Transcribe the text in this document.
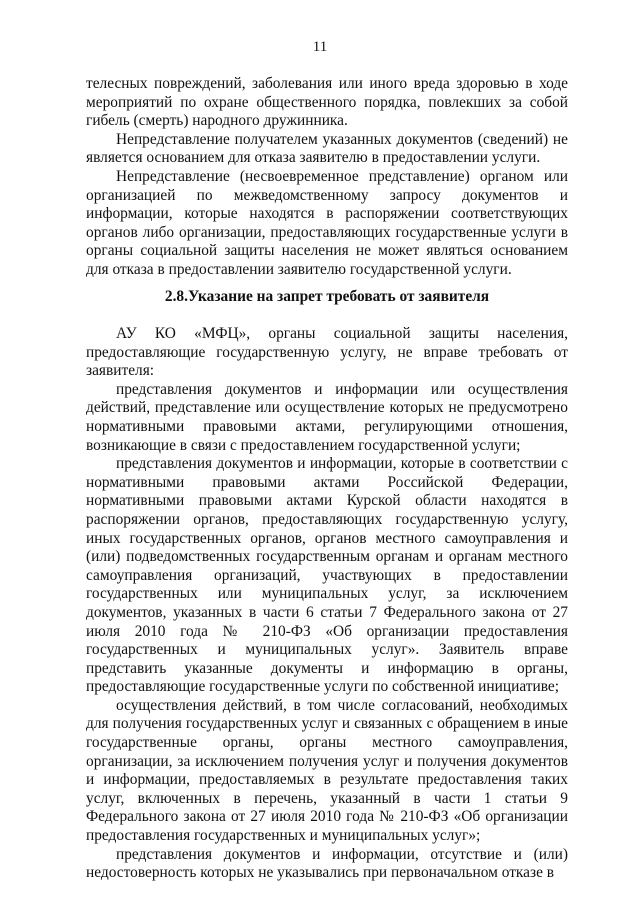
11

телесных повреждений, заболевания или иного вреда здоровью в ходе мероприятий по охране общественного порядка, повлекших за собой гибель (смерть) народного дружинника.

Непредставление получателем указанных документов (сведений) не является основанием для отказа заявителю в предоставлении услуги.

Непредставление (несвоевременное представление) органом или организацией по межведомственному запросу документов и информации, которые находятся в распоряжении соответствующих органов либо организации, предоставляющих государственные услуги в органы социальной защиты населения не может являться основанием для отказа в предоставлении заявителю государственной услуги.

2.8.Указание на запрет требовать от заявителя

АУ КО «МФЦ», органы социальной защиты населения, предоставляющие государственную услугу, не вправе требовать от заявителя:

представления документов и информации или осуществления действий, представление или осуществление которых не предусмотрено нормативными правовыми актами, регулирующими отношения, возникающие в связи с предоставлением государственной услуги;

представления документов и информации, которые в соответствии с нормативными правовыми актами Российской Федерации, нормативными правовыми актами Курской области находятся в распоряжении органов, предоставляющих государственную услугу, иных государственных органов, органов местного самоуправления и (или) подведомственных государственным органам и органам местного самоуправления организаций, участвующих в предоставлении государственных или муниципальных услуг, за исключением документов, указанных в части 6 статьи 7 Федерального закона от 27 июля 2010 года № 210-ФЗ «Об организации предоставления государственных и муниципальных услуг». Заявитель вправе представить указанные документы и информацию в органы, предоставляющие государственные услуги по собственной инициативе;

осуществления действий, в том числе согласований, необходимых для получения государственных услуг и связанных с обращением в иные государственные органы, органы местного самоуправления, организации, за исключением получения услуг и получения документов и информации, предоставляемых в результате предоставления таких услуг, включенных в перечень, указанный в части 1 статьи 9 Федерального закона от 27 июля 2010 года № 210-ФЗ «Об организации предоставления государственных и муниципальных услуг»;

представления документов и информации, отсутствие и (или) недостоверность которых не указывались при первоначальном отказе в
